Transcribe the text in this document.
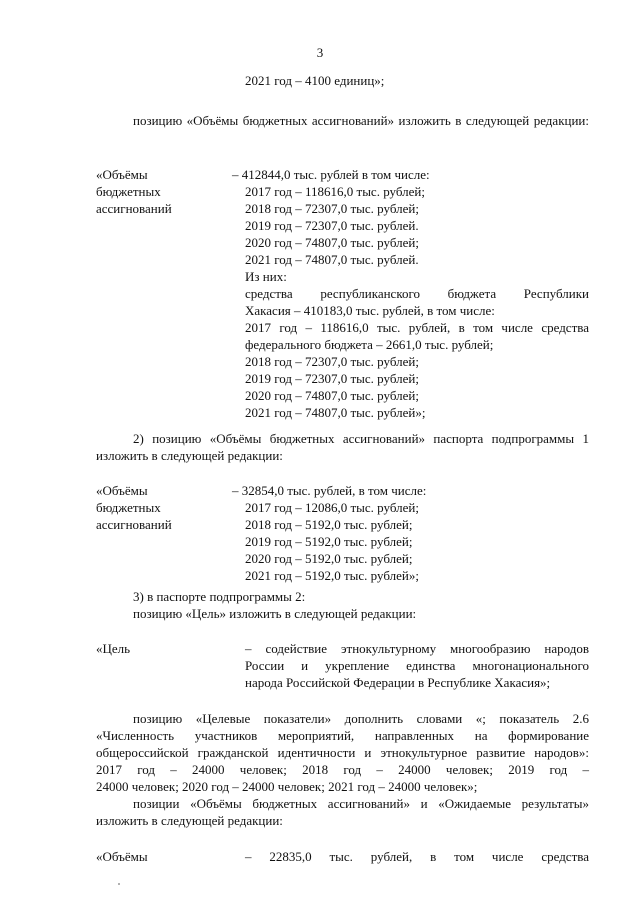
3
2021 год – 4100 единиц»;
позицию «Объёмы бюджетных ассигнований» изложить в следующей редакции:
«Объёмы
бюджетных
ассигнований
– 412844,0 тыс. рублей в том числе:
2017 год – 118616,0 тыс. рублей;
2018 год – 72307,0 тыс. рублей;
2019 год – 72307,0 тыс. рублей.
2020 год – 74807,0 тыс. рублей;
2021 год – 74807,0 тыс. рублей.
Из них:
средства республиканского бюджета Республики
Хакасия – 410183,0 тыс. рублей, в том числе:
2017 год – 118616,0 тыс. рублей, в том числе средства
федерального бюджета – 2661,0 тыс. рублей;
2018 год – 72307,0 тыс. рублей;
2019 год – 72307,0 тыс. рублей;
2020 год – 74807,0 тыс. рублей;
2021 год – 74807,0 тыс. рублей»;
2) позицию «Объёмы бюджетных ассигнований» паспорта подпрограммы 1
изложить в следующей редакции:
«Объёмы
бюджетных
ассигнований
– 32854,0 тыс. рублей, в том числе:
2017 год – 12086,0 тыс. рублей;
2018 год – 5192,0 тыс. рублей;
2019 год – 5192,0 тыс. рублей;
2020 год – 5192,0 тыс. рублей;
2021 год – 5192,0 тыс. рублей»;
3) в паспорте подпрограммы 2:
позицию «Цель» изложить в следующей редакции:
«Цель	– содействие этнокультурному многообразию народов
России и укрепление единства многонационального
народа Российской Федерации в Республике Хакасия»;
позицию «Целевые показатели» дополнить словами «; показатель 2.6
«Численность участников мероприятий, направленных на формирование
общероссийской гражданской идентичности и этнокультурное развитие народов»:
2017 год – 24000 человек; 2018 год – 24000 человек; 2019 год –
24000 человек; 2020 год – 24000 человек; 2021 год – 24000 человек»;
позиции «Объёмы бюджетных ассигнований» и «Ожидаемые результаты»
изложить в следующей редакции:
«Объёмы	– 22835,0 тыс. рублей, в том числе средства
